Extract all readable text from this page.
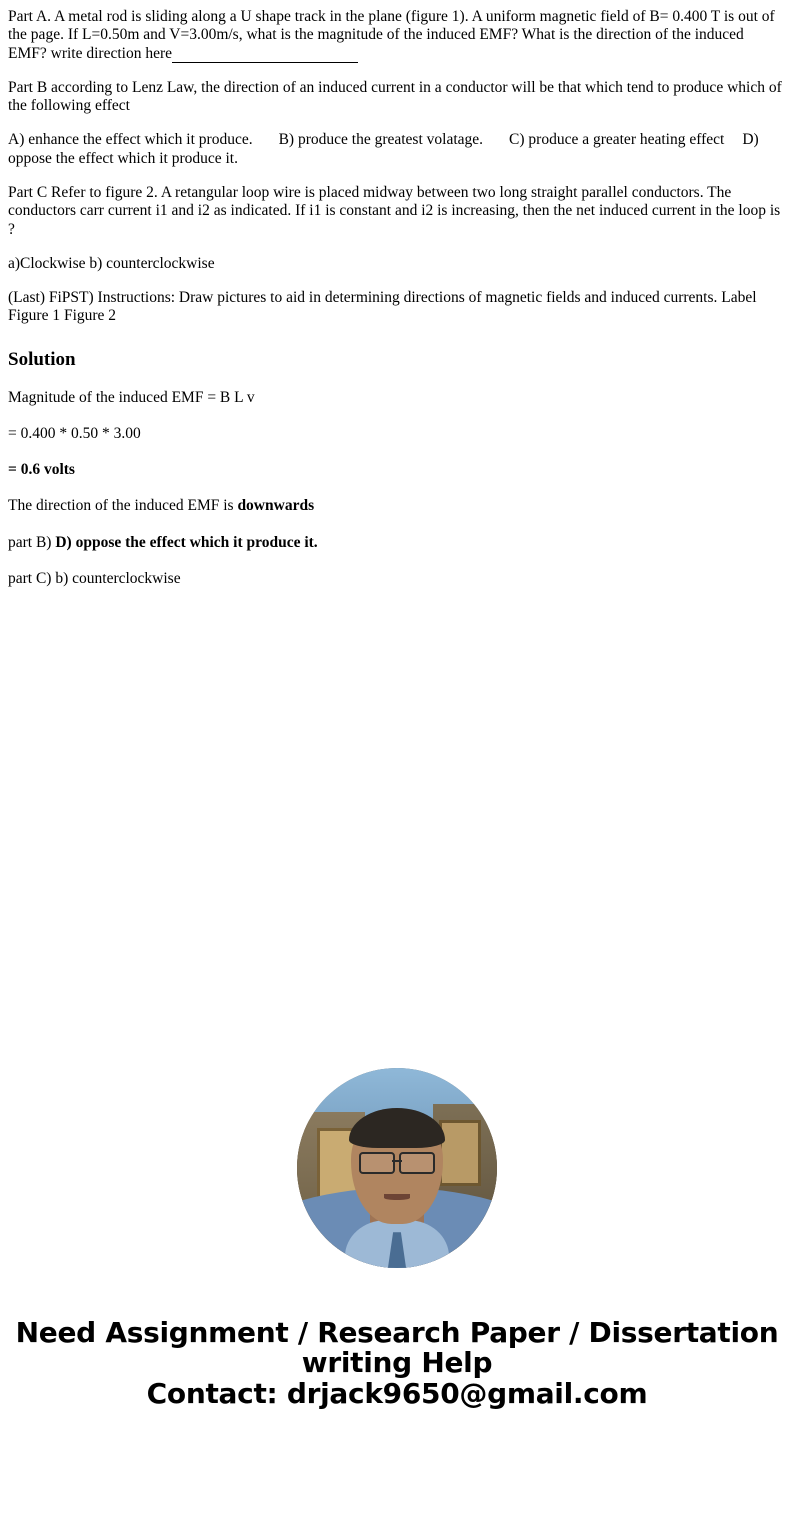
Part A. A metal rod is sliding along a U shape track in the plane (figure 1). A uniform magnetic field of B= 0.400 T is out of the page. If L=0.50m and V=3.00m/s, what is the magnitude of the induced EMF? What is the direction of the induced EMF? write direction here

Part B according to Lenz Law, the direction of an induced current in a conductor will be that which tend to produce which of the following effect

A) enhance the effect which it produce. B) produce the greatest volatage. C) produce a greater heating effect D) oppose the effect which it produce it.

Part C Refer to figure 2. A retangular loop wire is placed midway between two long straight parallel conductors. The conductors carr current i1 and i2 as indicated. If i1 is constant and i2 is increasing, then the net induced current in the loop is ?

a)Clockwise b) counterclockwise

(Last) FiPST) Instructions: Draw pictures to aid in determining directions of magnetic fields and induced currents. Label Figure 1 Figure 2

Solution

Magnitude of the induced EMF = B L v

= 0.400 * 0.50 * 3.00

= 0.6 volts

The direction of the induced EMF is downwards

part B) D) oppose the effect which it produce it.

part C) b) counterclockwise

Need Assignment / Research Paper / Dissertation writing Help
Contact: drjack9650@gmail.com
